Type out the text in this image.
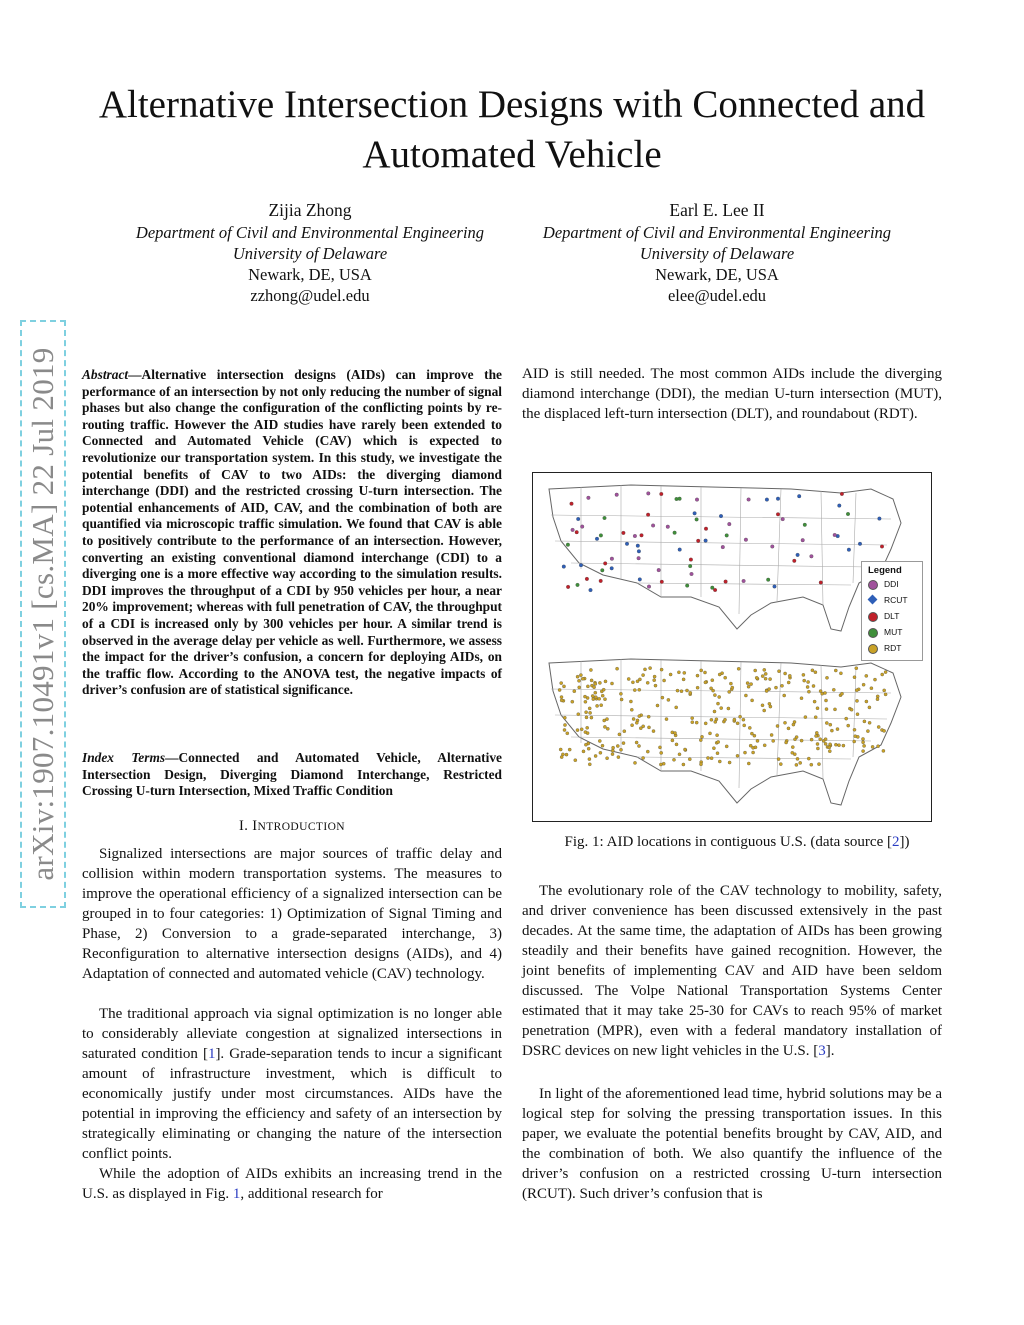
Alternative Intersection Designs with Connected and Automated Vehicle
Zijia Zhong
Department of Civil and Environmental Engineering
University of Delaware
Newark, DE, USA
zzhong@udel.edu
Earl E. Lee II
Department of Civil and Environmental Engineering
University of Delaware
Newark, DE, USA
elee@udel.edu
arXiv:1907.10491v1 [cs.MA] 22 Jul 2019 Abstract—Alternative intersection designs (AIDs) can improve the performance of an intersection by not only reducing the number of signal phases but also change the configuration of the conflicting points by re-routing traffic. However the AID studies have rarely been extended to Connected and Automated Vehicle (CAV) which is expected to revolutionize our transportation system. In this study, we investigate the potential benefits of CAV to two AIDs: the diverging diamond interchange (DDI) and the restricted crossing U-turn intersection. The potential enhancements of AID, CAV, and the combination of both are quantified via microscopic traffic simulation. We found that CAV is able to positively contribute to the performance of an intersection. However, converting an existing conventional diamond interchange (CDI) to a diverging one is a more effective way according to the simulation results. DDI improves the throughput of a CDI by 950 vehicles per hour, a near 20% improvement; whereas with full penetration of CAV, the throughput of a CDI is increased only by 300 vehicles per hour. A similar trend is observed in the average delay per vehicle as well. Furthermore, we assess the impact for the driver’s confusion, a concern for deploying AIDs, on the traffic flow. According to the ANOVA test, the negative impacts of driver’s confusion are of statistical significance.
Index Terms—Connected and Automated Vehicle, Alternative Intersection Design, Diverging Diamond Interchange, Restricted Crossing U-turn Intersection, Mixed Traffic Condition
I. INTRODUCTION

Signalized intersections are major sources of traffic delay and collision within modern transportation systems. The measures to improve the operational efficiency of a signalized intersection can be grouped in to four categories: 1) Optimization of Signal Timing and Phase, 2) Conversion to a grade-separated interchange, 3) Reconfiguration to alternative intersection designs (AIDs), and 4) Adaptation of connected and automated vehicle (CAV) technology.

The traditional approach via signal optimization is no longer able to considerably alleviate congestion at signalized intersections in saturated condition [1]. Grade-separation tends to incur a significant amount of infrastructure investment, which is difficult to economically justify under most circumstances. AIDs have the potential in improving the efficiency and safety of an intersection by strategically eliminating or changing the nature of the intersection conflict points.

While the adoption of AIDs exhibits an increasing trend in the U.S. as displayed in Fig. 1, additional research for

AID is still needed. The most common AIDs include the diverging diamond interchange (DDI), the median U-turn intersection (MUT), the displaced left-turn intersection (DLT), and roundabout (RDT).

Legend
DDI
RCUT
DLT
MUT
RDT
Fig. 1: AID locations in contiguous U.S. (data source [2])

The evolutionary role of the CAV technology to mobility, safety, and driver convenience has been discussed extensively in the past decades. At the same time, the adaptation of AIDs has been growing steadily and their benefits have gained recognition. However, the joint benefits of implementing CAV and AID have been seldom discussed. The Volpe National Transportation Systems Center estimated that it may take 25-30 for CAVs to reach 95% of market penetration (MPR), even with a federal mandatory installation of DSRC devices on new light vehicles in the U.S. [3].

In light of the aforementioned lead time, hybrid solutions may be a logical step for solving the pressing transportation issues. In this paper, we evaluate the potential benefits brought by CAV, AID, and the combination of both. We also quantify the influence of the driver’s confusion on a restricted crossing U-turn intersection (RCUT). Such driver’s confusion that is
